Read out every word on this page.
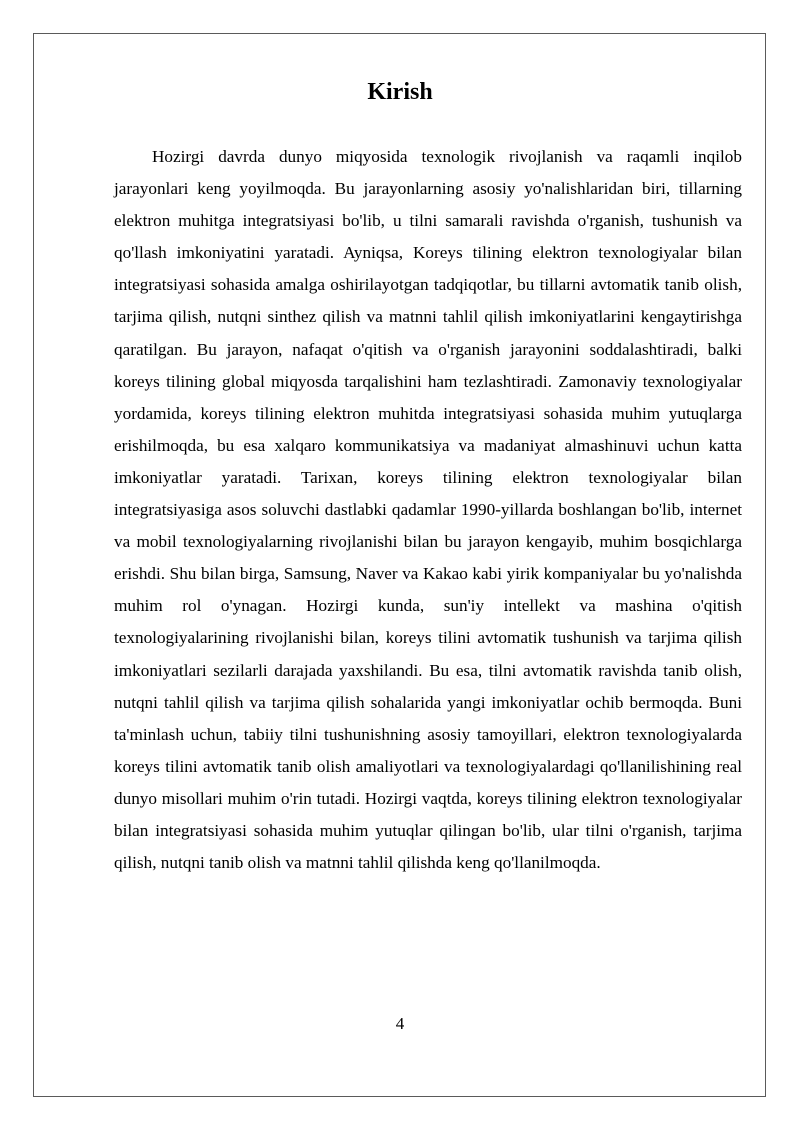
Kirish

Hozirgi davrda dunyo miqyosida texnologik rivojlanish va raqamli inqilob jarayonlari keng yoyilmoqda. Bu jarayonlarning asosiy yo'nalishlaridan biri, tillarning elektron muhitga integratsiyasi bo'lib, u tilni samarali ravishda o'rganish, tushunish va qo'llash imkoniyatini yaratadi. Ayniqsa, Koreys tilining elektron texnologiyalar bilan integratsiyasi sohasida amalga oshirilayotgan tadqiqotlar, bu tillarni avtomatik tanib olish, tarjima qilish, nutqni sinthez qilish va matnni tahlil qilish imkoniyatlarini kengaytirishga qaratilgan. Bu jarayon, nafaqat o'qitish va o'rganish jarayonini soddalashtiradi, balki koreys tilining global miqyosda tarqalishini ham tezlashtiradi. Zamonaviy texnologiyalar yordamida, koreys tilining elektron muhitda integratsiyasi sohasida muhim yutuqlarga erishilmoqda, bu esa xalqaro kommunikatsiya va madaniyat almashinuvi uchun katta imkoniyatlar yaratadi. Tarixan, koreys tilining elektron texnologiyalar bilan integratsiyasiga asos soluvchi dastlabki qadamlar 1990-yillarda boshlangan bo'lib, internet va mobil texnologiyalarning rivojlanishi bilan bu jarayon kengayib, muhim bosqichlarga erishdi. Shu bilan birga, Samsung, Naver va Kakao kabi yirik kompaniyalar bu yo'nalishda muhim rol o'ynagan. Hozirgi kunda, sun'iy intellekt va mashina o'qitish texnologiyalarining rivojlanishi bilan, koreys tilini avtomatik tushunish va tarjima qilish imkoniyatlari sezilarli darajada yaxshilandi. Bu esa, tilni avtomatik ravishda tanib olish, nutqni tahlil qilish va tarjima qilish sohalarida yangi imkoniyatlar ochib bermoqda. Buni ta'minlash uchun, tabiiy tilni tushunishning asosiy tamoyillari, elektron texnologiyalarda koreys tilini avtomatik tanib olish amaliyotlari va texnologiyalardagi qo'llanilishining real dunyo misollari muhim o'rin tutadi. Hozirgi vaqtda, koreys tilining elektron texnologiyalar bilan integratsiyasi sohasida muhim yutuqlar qilingan bo'lib, ular tilni o'rganish, tarjima qilish, nutqni tanib olish va matnni tahlil qilishda keng qo'llanilmoqda.

4
